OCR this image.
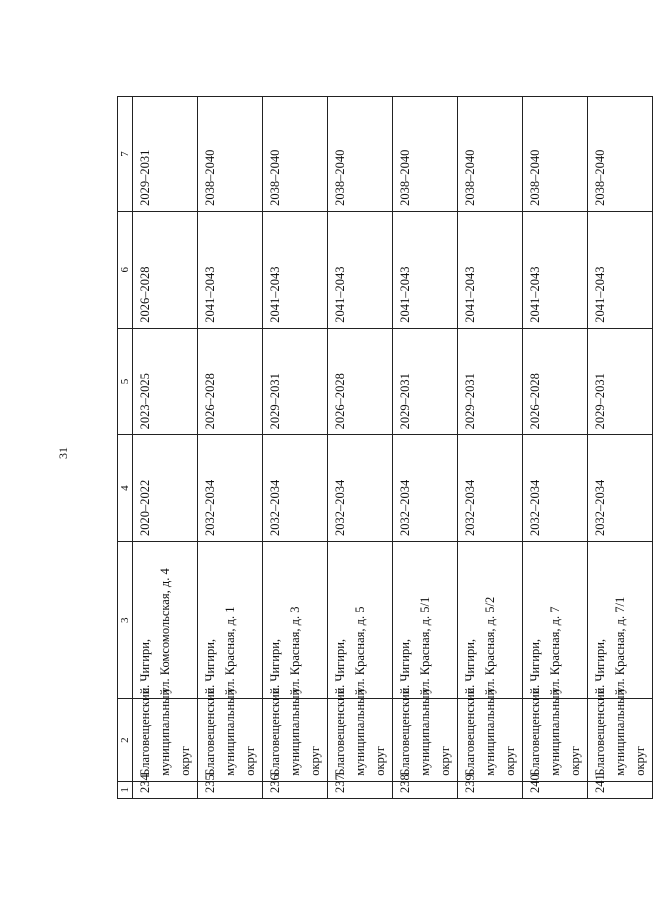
31
1	2	3	4	5	6	7
234	Благовещенский муниципальный округ	с. Чигири, ул. Комсомольская, д. 4	2020–2022	2023–2025	2026–2028	2029–2031
235	Благовещенский муниципальный округ	с. Чигири, ул. Красная, д. 1	2032–2034	2026–2028	2041–2043	2038–2040
236	Благовещенский муниципальный округ	с. Чигири, ул. Красная, д. 3	2032–2034	2029–2031	2041–2043	2038–2040
237	Благовещенский муниципальный округ	с. Чигири, ул. Красная, д. 5	2032–2034	2026–2028	2041–2043	2038–2040
238	Благовещенский муниципальный округ	с. Чигири, ул. Красная, д. 5/1	2032–2034	2029–2031	2041–2043	2038–2040
239	Благовещенский муниципальный округ	с. Чигири, ул. Красная, д. 5/2	2032–2034	2029–2031	2041–2043	2038–2040
240	Благовещенский муниципальный округ	с. Чигири, ул. Красная, д. 7	2032–2034	2026–2028	2041–2043	2038–2040
241	Благовещенский муниципальный округ	с. Чигири, ул. Красная, д. 7/1	2032–2034	2029–2031	2041–2043	2038–2040
